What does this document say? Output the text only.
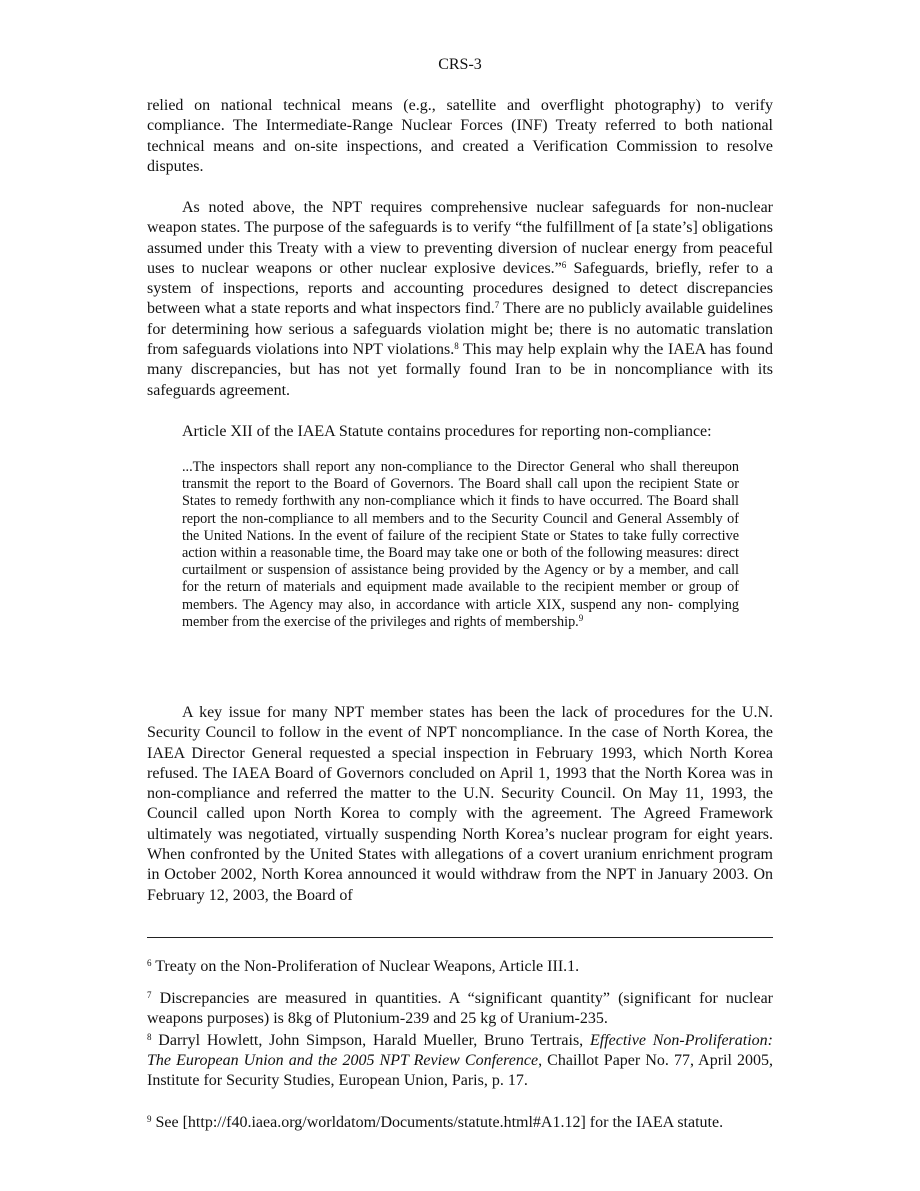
CRS-3

relied on national technical means (e.g., satellite and overflight photography) to verify compliance. The Intermediate-Range Nuclear Forces (INF) Treaty referred to both national technical means and on-site inspections, and created a Verification Commission to resolve disputes.

As noted above, the NPT requires comprehensive nuclear safeguards for non-nuclear weapon states. The purpose of the safeguards is to verify “the fulfillment of [a state’s] obligations assumed under this Treaty with a view to preventing diversion of nuclear energy from peaceful uses to nuclear weapons or other nuclear explosive devices.”$^6$ Safeguards, briefly, refer to a system of inspections, reports and accounting procedures designed to detect discrepancies between what a state reports and what inspectors find.$^7$ There are no publicly available guidelines for determining how serious a safeguards violation might be; there is no automatic translation from safeguards violations into NPT violations.$^8$ This may help explain why the IAEA has found many discrepancies, but has not yet formally found Iran to be in noncompliance with its safeguards agreement.

Article XII of the IAEA Statute contains procedures for reporting non-compliance:

...The inspectors shall report any non-compliance to the Director General who shall thereupon transmit the report to the Board of Governors. The Board shall call upon the recipient State or States to remedy forthwith any non-compliance which it finds to have occurred. The Board shall report the non-compliance to all members and to the Security Council and General Assembly of the United Nations. In the event of failure of the recipient State or States to take fully corrective action within a reasonable time, the Board may take one or both of the following measures: direct curtailment or suspension of assistance being provided by the Agency or by a member, and call for the return of materials and equipment made available to the recipient member or group of members. The Agency may also, in accordance with article XIX, suspend any non- complying member from the exercise of the privileges and rights of membership.$^9$

A key issue for many NPT member states has been the lack of procedures for the U.N. Security Council to follow in the event of NPT noncompliance. In the case of North Korea, the IAEA Director General requested a special inspection in February 1993, which North Korea refused. The IAEA Board of Governors concluded on April 1, 1993 that the North Korea was in non-compliance and referred the matter to the U.N. Security Council. On May 11, 1993, the Council called upon North Korea to comply with the agreement. The Agreed Framework ultimately was negotiated, virtually suspending North Korea’s nuclear program for eight years. When confronted by the United States with allegations of a covert uranium enrichment program in October 2002, North Korea announced it would withdraw from the NPT in January 2003. On February 12, 2003, the Board of

$^6$ Treaty on the Non-Proliferation of Nuclear Weapons, Article III.1.

$^7$ Discrepancies are measured in quantities. A “significant quantity” (significant for nuclear weapons purposes) is 8kg of Plutonium-239 and 25 kg of Uranium-235.

$^8$ Darryl Howlett, John Simpson, Harald Mueller, Bruno Tertrais, Effective Non-Proliferation: The European Union and the 2005 NPT Review Conference, Chaillot Paper No. 77, April 2005, Institute for Security Studies, European Union, Paris, p. 17.

$^9$ See [http://f40.iaea.org/worldatom/Documents/statute.html#A1.12] for the IAEA statute.
